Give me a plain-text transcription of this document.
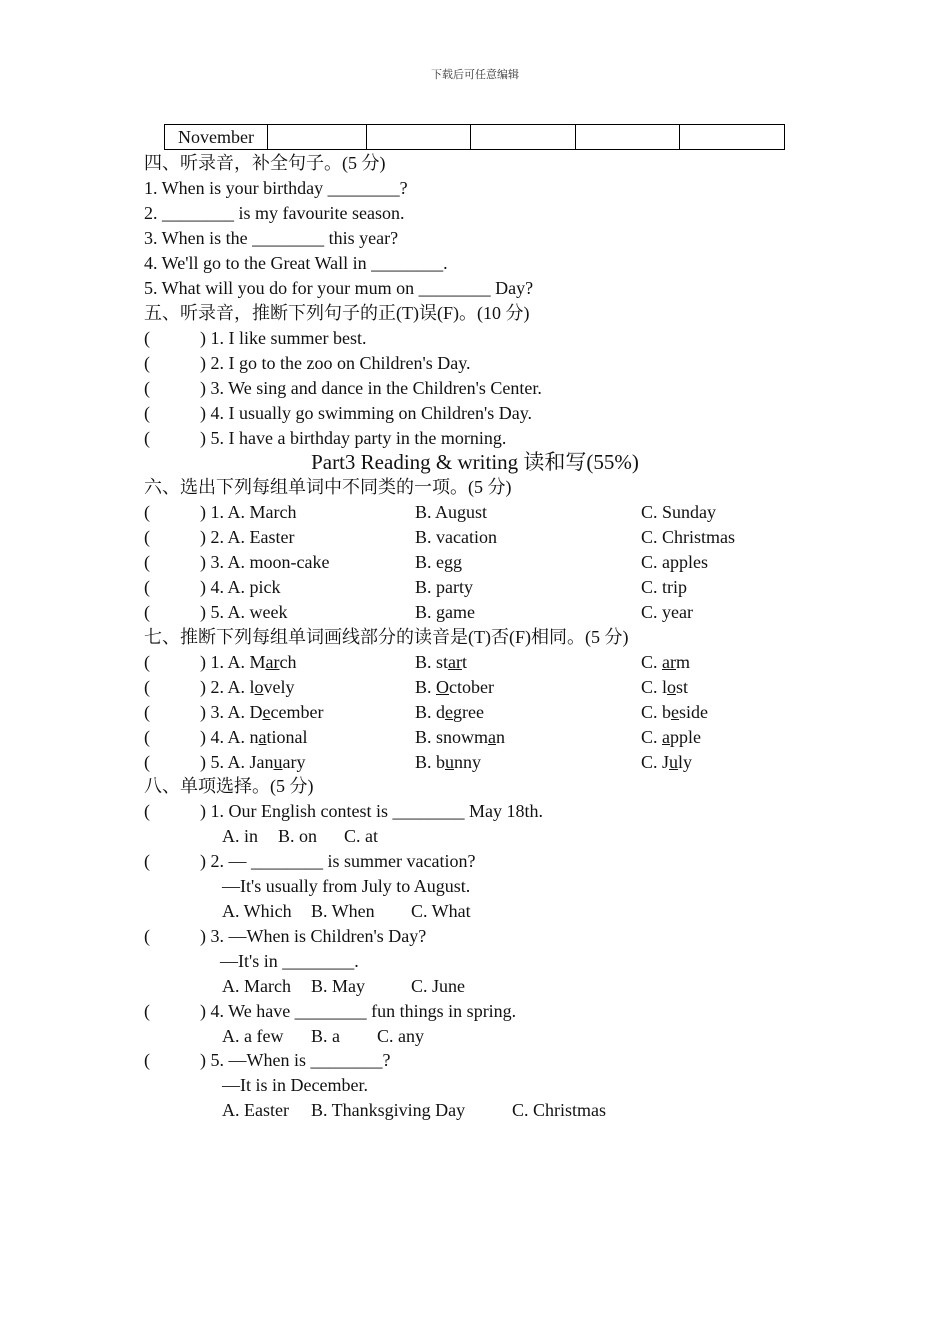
下载后可任意编辑
November					
四、听录音，补全句子。(5 分)
1. When is your birthday ________?
2. ________ is my favourite season.
3. When is the ________ this year?
4. We'll go to the Great Wall in ________.
5. What will you do for your mum on ________ Day?
五、听录音，推断下列句子的正(T)误(F)。(10 分)
(	) 1. I like summer best.
(	) 2. I go to the zoo on Children's Day.
(	) 3. We sing and dance in the Children's Center.
(	) 4. I usually go swimming on Children's Day.
(	) 5. I have a birthday party in the morning.
Part3 Reading & writing 读和写(55%)
六、选出下列每组单词中不同类的一项。(5 分)
(	) 1. A. March	B. August	C. Sunday
(	) 2. A. Easter	B. vacation	C. Christmas
(	) 3. A. moon-cake	B. egg	C. apples
(	) 4. A. pick	B. party	C. trip
(	) 5. A. week	B. game	C. year
七、推断下列每组单词画线部分的读音是(T)否(F)相同。(5 分)
(	) 1. A. March	B. start	C. arm
(	) 2. A. lovely	B. October	C. lost
(	) 3. A. December	B. degree	C. beside
(	) 4. A. national	B. snowman	C. apple
(	) 5. A. January	B. bunny	C. July
八、单项选择。(5 分)
(	) 1. Our English contest is ________ May 18th.
A. in B. on C. at
(	) 2. — ________ is summer vacation?
—It's usually from July to August.
A. Which B. When C. What
(	) 3. —When is Children's Day?
—It's in ________.
A. March B. May	C. June
(	) 4. We have ________ fun things in spring.
A. a few B. a C. any
(	) 5. —When is ________?
—It is in December.
A. Easter B. Thanksgiving Day	C. Christmas
